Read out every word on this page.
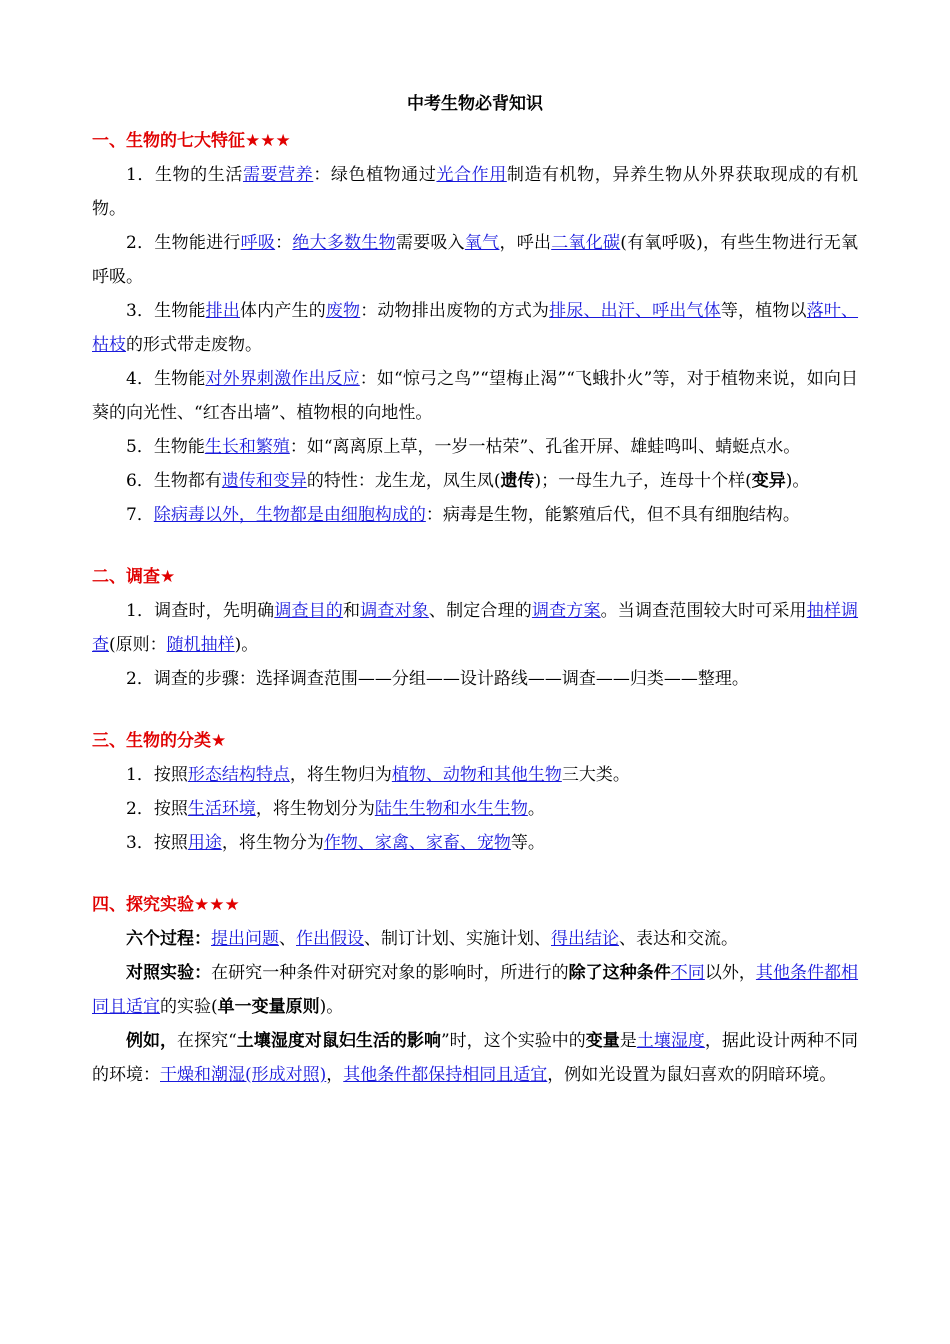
中考生物必背知识
一、生物的七大特征★★★

1．生物的生活需要营养：绿色植物通过光合作用制造有机物，异养生物从外界获取现成的有机物。

2．生物能进行呼吸：绝大多数生物需要吸入氧气，呼出二氧化碳(有氧呼吸)，有些生物进行无氧呼吸。

3．生物能排出体内产生的废物：动物排出废物的方式为排尿、出汗、呼出气体等，植物以落叶、枯枝的形式带走废物。

4．生物能对外界刺激作出反应：如“惊弓之鸟”“望梅止渴”“飞蛾扑火”等，对于植物来说，如向日葵的向光性、“红杏出墙”、植物根的向地性。

5．生物能生长和繁殖：如“离离原上草，一岁一枯荣”、孔雀开屏、雄蛙鸣叫、蜻蜓点水。

6．生物都有遗传和变异的特性：龙生龙，凤生凤(遗传)；一母生九子，连母十个样(变异)。

7．除病毒以外，生物都是由细胞构成的：病毒是生物，能繁殖后代，但不具有细胞结构。

二、调查★

1．调查时，先明确调查目的和调查对象、制定合理的调查方案。当调查范围较大时可采用抽样调查(原则：随机抽样)。

2．调查的步骤：选择调查范围——分组——设计路线——调查——归类——整理。

三、生物的分类★

1．按照形态结构特点，将生物归为植物、动物和其他生物三大类。

2．按照生活环境，将生物划分为陆生生物和水生生物。

3．按照用途，将生物分为作物、家禽、家畜、宠物等。

四、探究实验★★★

六个过程：提出问题、作出假设、制订计划、实施计划、得出结论、表达和交流。

对照实验：在研究一种条件对研究对象的影响时，所进行的除了这种条件不同以外，其他条件都相同且适宜的实验(单一变量原则)。

例如，在探究“土壤湿度对鼠妇生活的影响”时，这个实验中的变量是土壤湿度，据此设计两种不同的环境：干燥和潮湿(形成对照)，其他条件都保持相同且适宜，例如光设置为鼠妇喜欢的阴暗环境。
